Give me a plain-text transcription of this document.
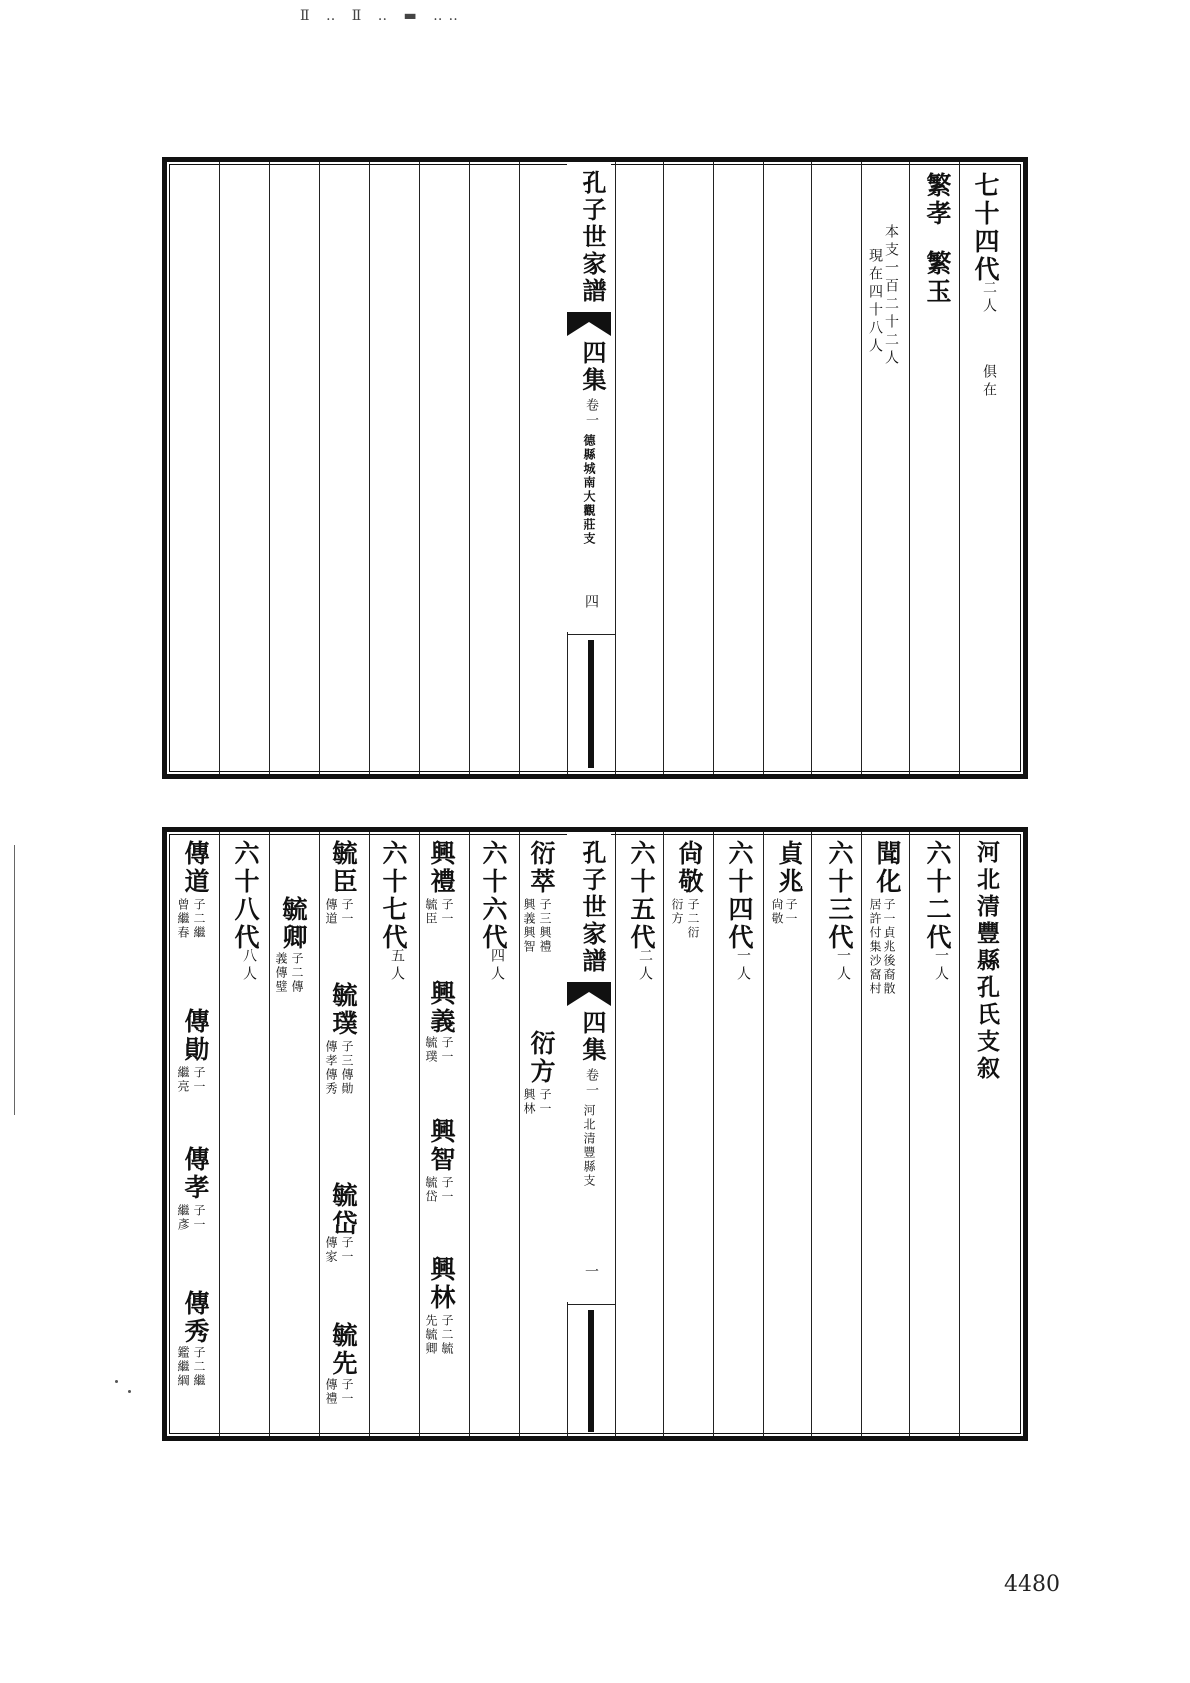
Ⅱ ‥ Ⅱ ‥ ▬ ‥‥
七十四代
二人
俱在
繁孝
繁玉
本支一百二十二人
現在四十八人
孔子世家譜
四集
卷一
德縣城南大觀莊支
四
河北清豐縣孔氏支叙
六十二代
一人
聞化
子一貞兆後裔散
居許付集沙窩村
六十三代
一人
貞兆
子一
尙敬
六十四代
一人
尙敬
子二衍
衍方
六十五代
二人
孔子世家譜
四集
卷一
河北清豐縣支
一
衍萃
子三興禮
興義興智
衍方
子一
興林
六十六代
四人
興禮
子一
毓臣
興義
子一
毓璞
興智
子一
毓岱
興林
子二毓
先毓卿
六十七代
五人
毓臣
子一
傳道
毓璞
子三傳勛
傳孝傳秀
毓岱
子一
傳家
毓先
子一
傳禮
毓卿
子二傳
義傳璧
六十八代
八人
傳道
子二繼
曾繼春
傳勛
子一
繼亮
傳孝
子一
繼彥
傳秀
子二繼
鑑繼綱
4480
